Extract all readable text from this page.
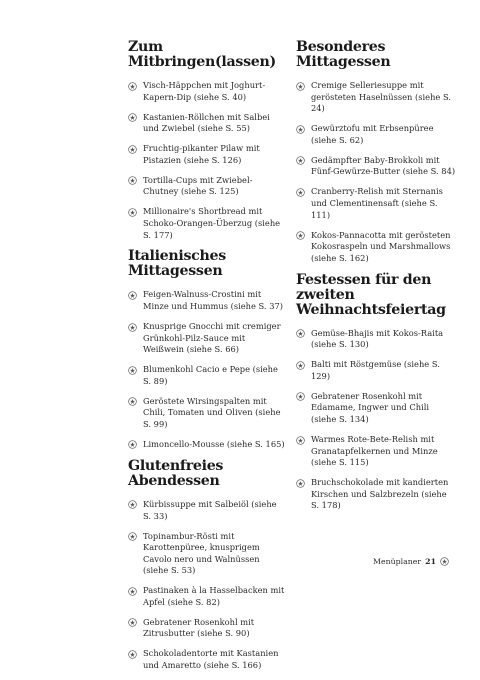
Zum Mitbringen(lassen)
Visch-Häppchen mit Joghurt-Kapern-Dip (siehe S. 40)
Kastanien-Röllchen mit Salbei und Zwiebel (siehe S. 55)
Fruchtig-pikanter Pilaw mit Pistazien (siehe S. 126)
Tortilla-Cups mit Zwiebel-Chutney (siehe S. 125)
Millionaire's Shortbread mit Schoko-Orangen-Überzug (siehe S. 177)
Italienisches Mittagessen
Feigen-Walnuss-Crostini mit Minze und Hummus (siehe S. 37)
Knusprige Gnocchi mit cremiger Grünkohl-Pilz-Sauce mit Weißwein (siehe S. 66)
Blumenkohl Cacio e Pepe (siehe S. 89)
Geröstete Wirsingspalten mit Chili, Tomaten und Oliven (siehe S. 99)
Limoncello-Mousse (siehe S. 165)
Glutenfreies Abendessen
Kürbissuppe mit Salbeiöl (siehe S. 33)
Topinambur-Rösti mit Karottenpüree, knusprigem Cavolo nero und Walnüssen (siehe S. 53)
Pastinaken à la Hasselbacken mit Apfel (siehe S. 82)
Gebratener Rosenkohl mit Zitrusbutter (siehe S. 90)
Schokoladentorte mit Kastanien und Amaretto (siehe S. 166)
Besonderes Mittagessen
Cremige Selleriesuppe mit gerösteten Haselnüssen (siehe S. 24)
Gewürztofu mit Erbsenpüree (siehe S. 62)
Gedämpfter Baby-Brokkoli mit Fünf-Gewürze-Butter (siehe S. 84)
Cranberry-Relish mit Sternanis und Clementinensaft (siehe S. 111)
Kokos-Pannacotta mit gerösteten Kokosraspeln und Marshmallows (siehe S. 162)
Festessen für den zweiten Weihnachtsfeiertag
Gemüse-Bhajis mit Kokos-Raita (siehe S. 130)
Balti mit Röstgemüse (siehe S. 129)
Gebratener Rosenkohl mit Edamame, Ingwer und Chili (siehe S. 134)
Warmes Rote-Bete-Relish mit Granatapfelkernen und Minze (siehe S. 115)
Bruchschokolade mit kandierten Kirschen und Salzbrezeln (siehe S. 178)
Menüplaner 21
